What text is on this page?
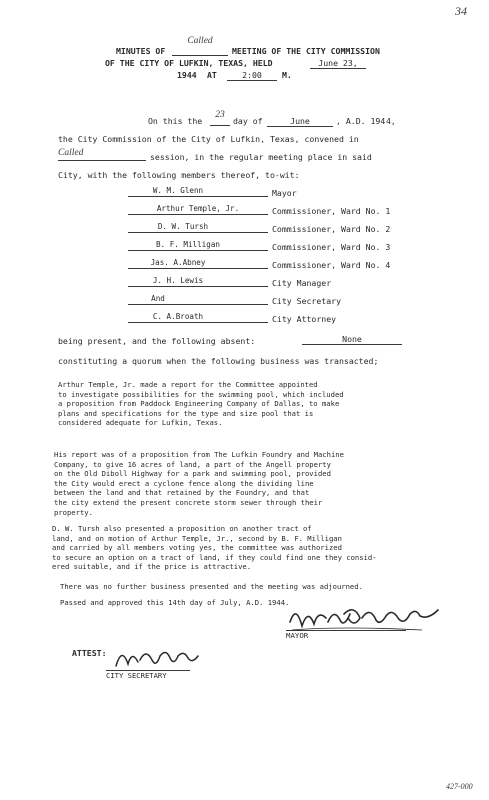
34
MINUTES OF
Called
MEETING OF THE CITY COMMISSION
OF THE CITY OF LUFKIN, TEXAS, HELD	June 23,
1944 AT	2:00	M.
On this the
23
day of	June	, A.D. 194 4,
the City Commission of the City of Lufkin, Texas, convened in
Called	session, in the regular meeting place in said
City, with the following members thereof, to-wit:
W. M. Glenn	Mayor
Arthur Temple, Jr.	Commissioner, Ward No. 1
D. W. Tursh	Commissioner, Ward No. 2
B. F. Milligan	Commissioner, Ward No. 3
Jas. A.Abney	Commissioner, Ward No. 4
J. H. Lewis	City Manager
And	City Secretary
C. A.Broath	City Attorney
being present, and the following absent:	None
constituting a quorum when the following business was transacted;
Arthur Temple, Jr. made a report for the Committee appointed
to investigate possibilities for the swimming pool, which included
a proposition from Paddock Engineering Company of Dallas, to make
plans and specifications for the type and size pool that is
considered adequate for Lufkin, Texas.
His report was of a proposition from The Lufkin Foundry and Machine
Company, to give 16 acres of land, a part of the Angell property
on the Old Diboll Highway for a park and swimming pool, provided
the City would erect a cyclone fence along the dividing line
between the land and that retained by the Foundry, and that
the city extend the present concrete storm sewer through their
property.
D. W. Tursh also presented a proposition on another tract of
land, and on motion of Arthur Temple, Jr., second by B. F. Milligan
and carried by all members voting yes, the committee was authorized
to secure an option on a tract of land, if they could find one they consid-
ered suitable, and if the price is attractive.
There was no further business presented and the meeting was adjourned.
Passed and approved this 14th day of July, A.D. 1944.
MAYOR
ATTEST:
CITY SECRETARY
427-000
